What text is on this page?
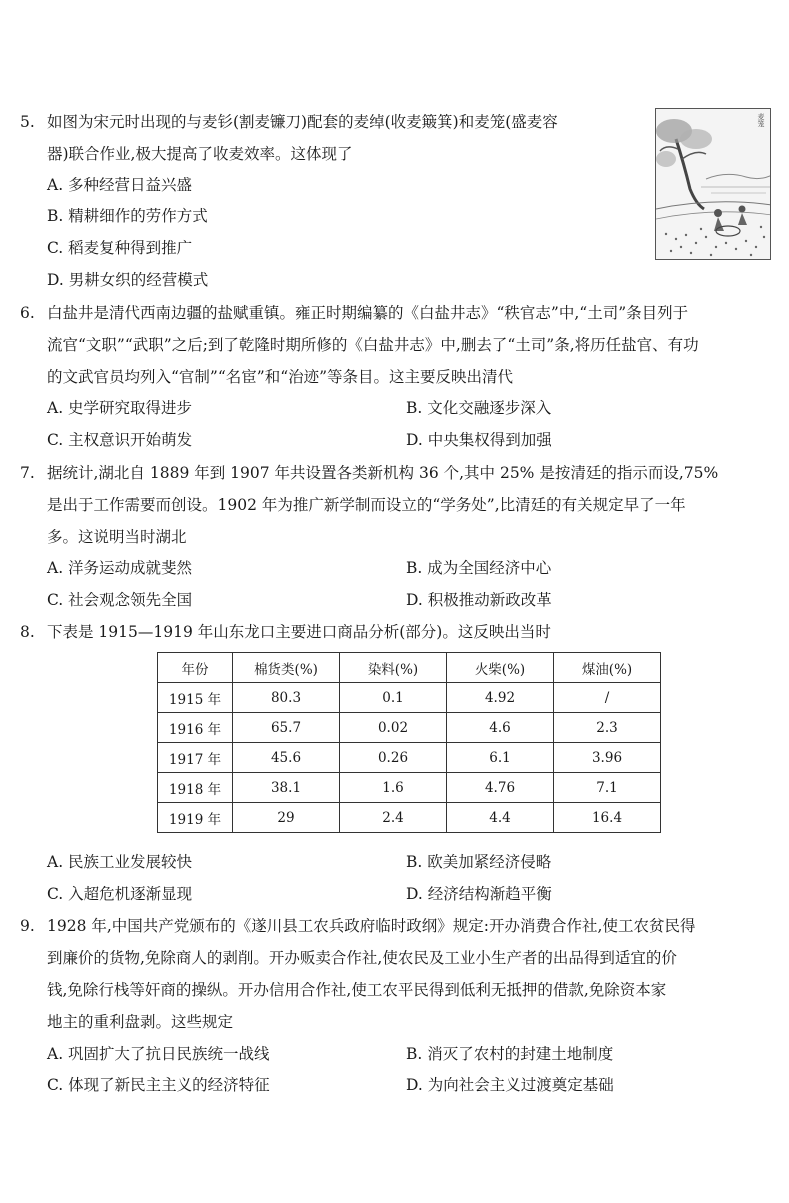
5. 如图为宋元时出现的与麦钐(割麦镰刀)配套的麦绰(收麦簸箕)和麦笼(盛麦容
器)联合作业,极大提高了收麦效率。这体现了
A. 多种经营日益兴盛
B. 精耕细作的劳作方式
C. 稻麦复种得到推广
D. 男耕女织的经营模式
麦笼
6. 白盐井是清代西南边疆的盐赋重镇。雍正时期编纂的《白盐井志》“秩官志”中,“土司”条目列于
流官“文职”“武职”之后;到了乾隆时期所修的《白盐井志》中,删去了“土司”条,将历任盐官、有功
的文武官员均列入“官制”“名宦”和“治迹”等条目。这主要反映出清代
A. 史学研究取得进步	B. 文化交融逐步深入
C. 主权意识开始萌发	D. 中央集权得到加强
7. 据统计,湖北自 1889 年到 1907 年共设置各类新机构 36 个,其中 25% 是按清廷的指示而设,75%
是出于工作需要而创设。1902 年为推广新学制而设立的“学务处”,比清廷的有关规定早了一年
多。这说明当时湖北
A. 洋务运动成就斐然	B. 成为全国经济中心
C. 社会观念领先全国	D. 积极推动新政改革
8. 下表是 1915—1919 年山东龙口主要进口商品分析(部分)。这反映出当时
年份	棉货类(%)	染料(%)	火柴(%)	煤油(%)
1915 年	80.3	0.1	4.92	/
1916 年	65.7	0.02	4.6	2.3
1917 年	45.6	0.26	6.1	3.96
1918 年	38.1	1.6	4.76	7.1
1919 年	29	2.4	4.4	16.4
A. 民族工业发展较快	B. 欧美加紧经济侵略
C. 入超危机逐渐显现	D. 经济结构渐趋平衡
9. 1928 年,中国共产党颁布的《遂川县工农兵政府临时政纲》规定:开办消费合作社,使工农贫民得
到廉价的货物,免除商人的剥削。开办贩卖合作社,使农民及工业小生产者的出品得到适宜的价
钱,免除行栈等奸商的操纵。开办信用合作社,使工农平民得到低利无抵押的借款,免除资本家
地主的重利盘剥。这些规定
A. 巩固扩大了抗日民族统一战线	B. 消灭了农村的封建土地制度
C. 体现了新民主主义的经济特征	D. 为向社会主义过渡奠定基础
